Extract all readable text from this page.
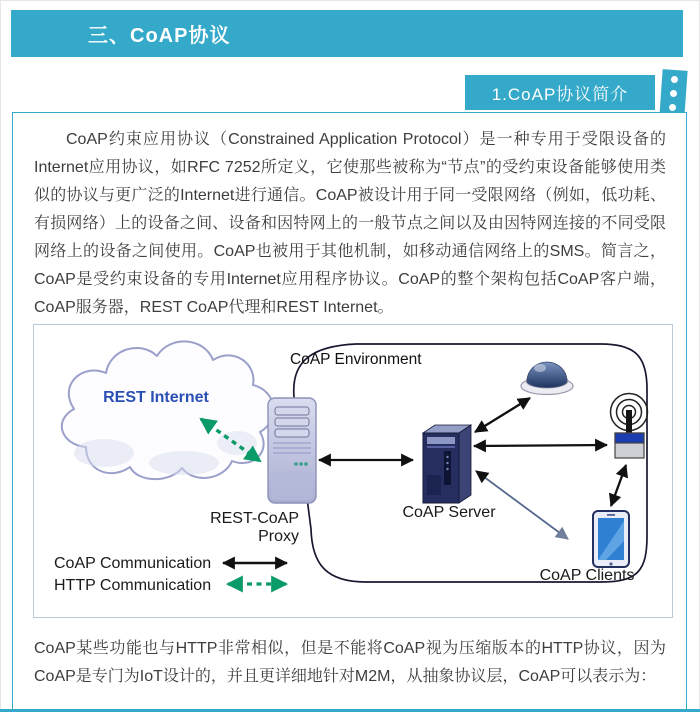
三、CoAP协议
1.CoAP协议简介

CoAP约束应用协议（Constrained Application Protocol）是一种专用于受限设备的Internet应用协议，如RFC 7252所定义，它使那些被称为“节点”的受约束设备能够使用类似的协议与更广泛的Internet进行通信。CoAP被设计用于同一受限网络（例如，低功耗、有损网络）上的设备之间、设备和因特网上的一般节点之间以及由因特网连接的不同受限网络上的设备之间使用。CoAP也被用于其他机制，如移动通信网络上的SMS。简言之，CoAP是受约束设备的专用Internet应用程序协议。CoAP的整个架构包括CoAP客户端，CoAP服务器，REST CoAP代理和REST Internet。

CoAP Environment
REST Internet
REST-CoAP
Proxy
CoAP Server
CoAP Clients
CoAP Communication
HTTP Communication

CoAP某些功能也与HTTP非常相似，但是不能将CoAP视为压缩版本的HTTP协议，因为CoAP是专门为IoT设计的，并且更详细地针对M2M，从抽象协议层，CoAP可以表示为：
